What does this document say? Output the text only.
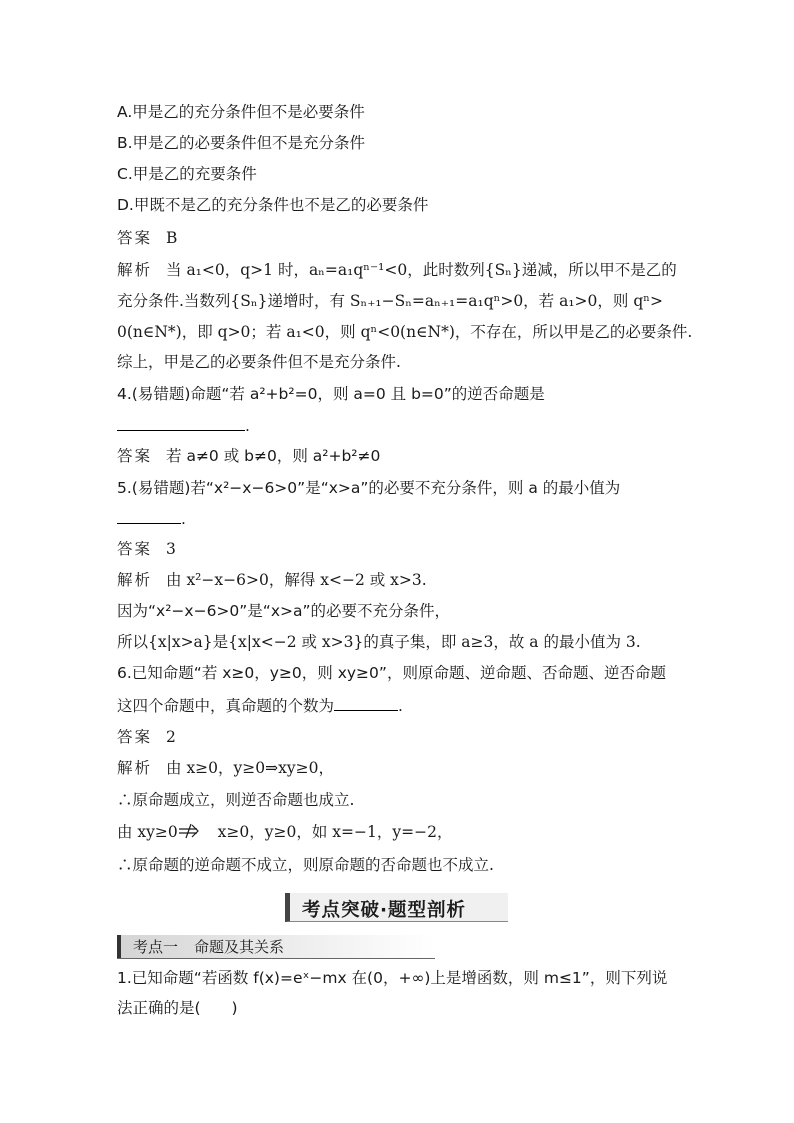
A.甲是乙的充分条件但不是必要条件
B.甲是乙的必要条件但不是充分条件
C.甲是乙的充要条件
D.甲既不是乙的充分条件也不是乙的必要条件
答案 B
解析 当 a₁<0，q>1 时，aₙ=a₁qⁿ⁻¹<0，此时数列{Sₙ}递减，所以甲不是乙的
充分条件.当数列{Sₙ}递增时，有 Sₙ₊₁−Sₙ=aₙ₊₁=a₁qⁿ>0，若 a₁>0，则 qⁿ>
0(n∈N*)，即 q>0；若 a₁<0，则 qⁿ<0(n∈N*)，不存在，所以甲是乙的必要条件.
综上，甲是乙的必要条件但不是充分条件.
4.(易错题)命题“若 a²+b²=0，则 a=0 且 b=0”的逆否命题是
.
答案 若 a≠0 或 b≠0，则 a²+b²≠0
5.(易错题)若“x²−x−6>0”是“x>a”的必要不充分条件，则 a 的最小值为
.
答案 3
解析 由 x²−x−6>0，解得 x<−2 或 x>3.
因为“x²−x−6>0”是“x>a”的必要不充分条件，
所以{x|x>a}是{x|x<−2 或 x>3}的真子集，即 a≥3，故 a 的最小值为 3.
6.已知命题“若 x≥0，y≥0，则 xy≥0”，则原命题、逆命题、否命题、逆否命题
这四个命题中，真命题的个数为	.
答案 2
解析 由 x≥0，y≥0⇒xy≥0，
∴原命题成立，则逆否命题也成立.
由 xy≥0	x≥0，y≥0，如 x=−1，y=−2，
∴原命题的逆命题不成立，则原命题的否命题也不成立.
考点突破·题型剖析
考点一 命题及其关系
1.已知命题“若函数 f(x)=eˣ−mx 在(0，+∞)上是增函数，则 m≤1”，则下列说
法正确的是(　　)
